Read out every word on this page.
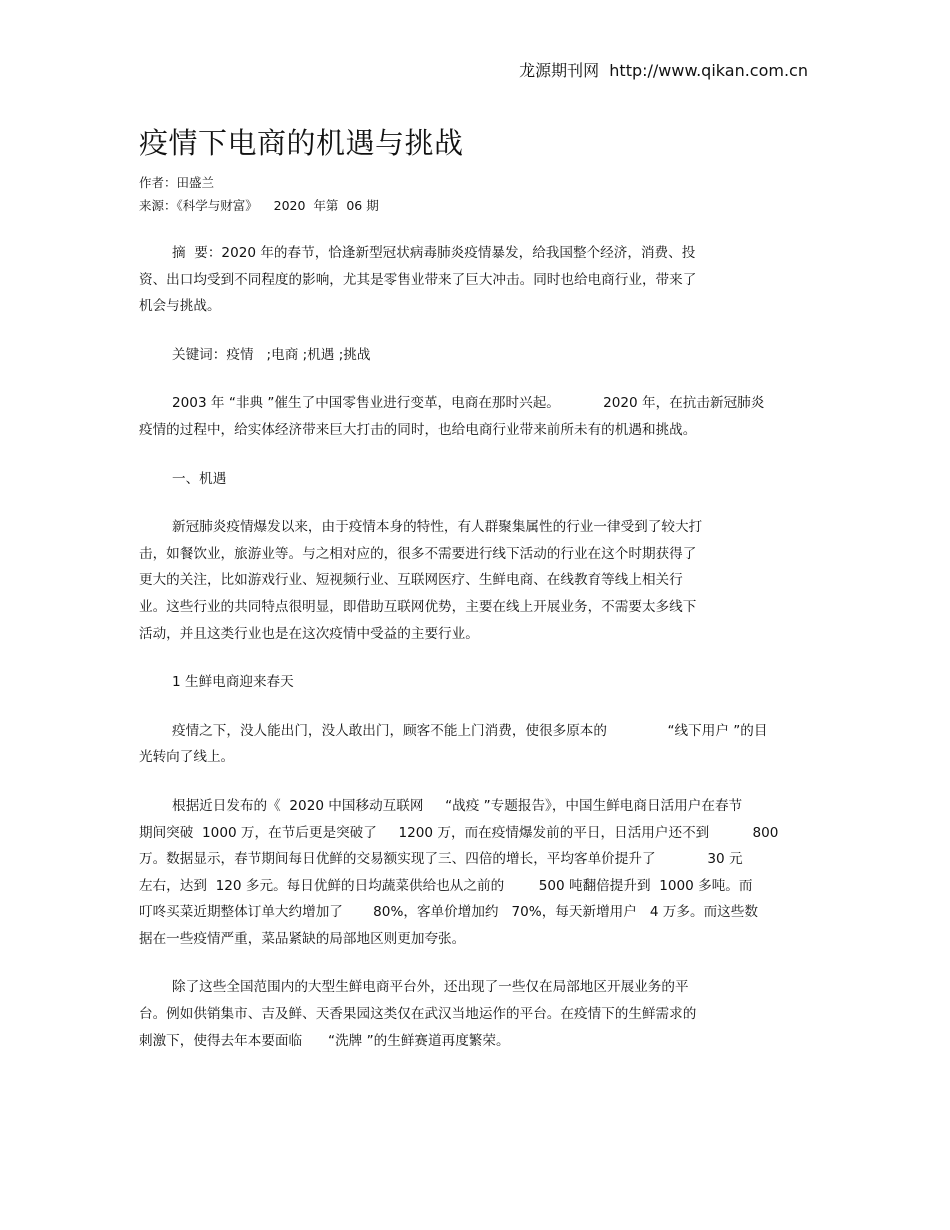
龙源期刊网  http://www.qikan.com.cn
疫情下电商的机遇与挑战
作者：田盛兰
来源：《科学与财富》    2020  年第  06 期
摘  要：2020 年的春节，恰逢新型冠状病毒肺炎疫情暴发，给我国整个经济，消费、投
资、出口均受到不同程度的影响，尤其是零售业带来了巨大冲击。同时也给电商行业，带来了
机会与挑战。
关键词：疫情   ;电商 ;机遇 ;挑战
2003 年 “非典 ”催生了中国零售业进行变革，电商在那时兴起。          2020 年，在抗击新冠肺炎
疫情的过程中，给实体经济带来巨大打击的同时，也给电商行业带来前所未有的机遇和挑战。
一、机遇
新冠肺炎疫情爆发以来，由于疫情本身的特性，有人群聚集属性的行业一律受到了较大打
击，如餐饮业，旅游业等。与之相对应的，很多不需要进行线下活动的行业在这个时期获得了
更大的关注，比如游戏行业、短视频行业、互联网医疗、生鲜电商、在线教育等线上相关行
业。这些行业的共同特点很明显，即借助互联网优势，主要在线上开展业务，不需要太多线下
活动，并且这类行业也是在这次疫情中受益的主要行业。
1 生鲜电商迎来春天
疫情之下，没人能出门，没人敢出门，顾客不能上门消费，使很多原本的              “线下用户 ”的目
光转向了线上。
根据近日发布的《  2020 中国移动互联网     “战疫 ”专题报告》，中国生鲜电商日活用户在春节
期间突破  1000 万，在节后更是突破了     1200 万，而在疫情爆发前的平日，日活用户还不到          800
万。数据显示，春节期间每日优鲜的交易额实现了三、四倍的增长，平均客单价提升了            30 元
左右，达到  120 多元。每日优鲜的日均蔬菜供给也从之前的        500 吨翻倍提升到  1000 多吨。而
叮咚买菜近期整体订单大约增加了       80%，客单价增加约   70%，每天新增用户   4 万多。而这些数
据在一些疫情严重，菜品紧缺的局部地区则更加夸张。
除了这些全国范围内的大型生鲜电商平台外，还出现了一些仅在局部地区开展业务的平
台。例如供销集市、吉及鲜、天香果园这类仅在武汉当地运作的平台。在疫情下的生鲜需求的
刺激下，使得去年本要面临      “洗牌 ”的生鲜赛道再度繁荣。
